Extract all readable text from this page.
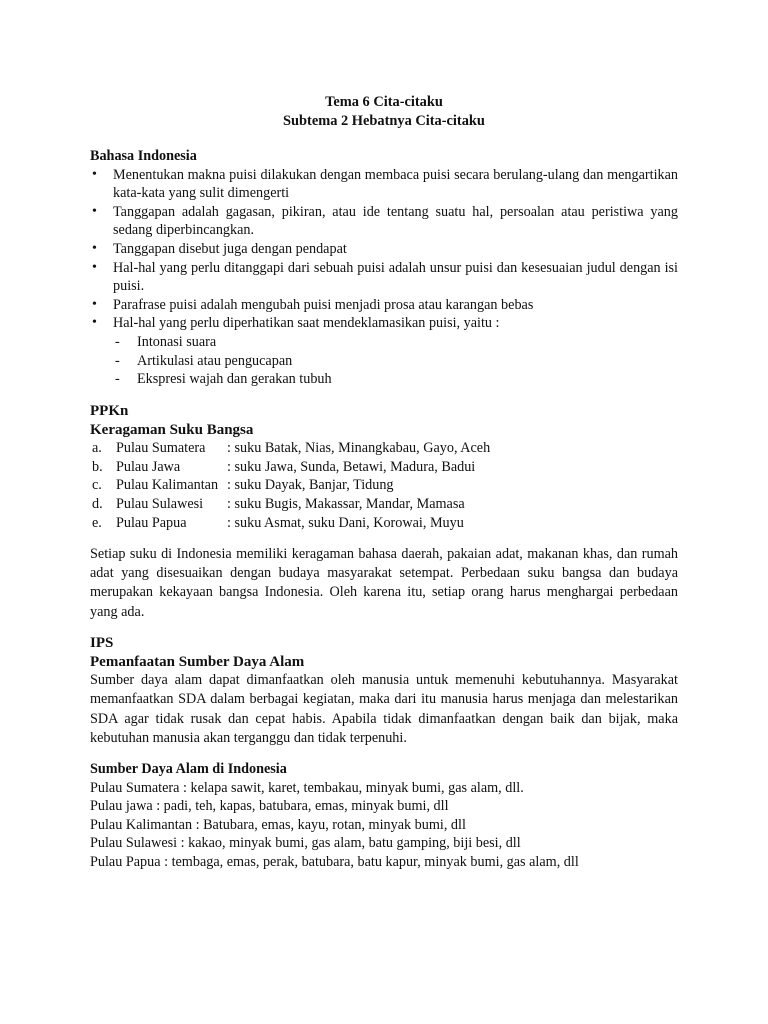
Tema 6 Cita-citaku
Subtema 2 Hebatnya Cita-citaku
Bahasa Indonesia
• Menentukan makna puisi dilakukan dengan membaca puisi secara berulang-ulang dan mengartikan kata-kata yang sulit dimengerti
• Tanggapan adalah gagasan, pikiran, atau ide tentang suatu hal, persoalan atau peristiwa yang sedang diperbincangkan.
• Tanggapan disebut juga dengan pendapat
• Hal-hal yang perlu ditanggapi dari sebuah puisi adalah unsur puisi dan kesesuaian judul dengan isi puisi.
• Parafrase puisi adalah mengubah puisi menjadi prosa atau karangan bebas
• Hal-hal yang perlu diperhatikan saat mendeklamasikan puisi, yaitu :
- Intonasi suara
- Artikulasi atau pengucapan
- Ekspresi wajah dan gerakan tubuh
PPKn
Keragaman Suku Bangsa
a. Pulau Sumatera	: suku Batak, Nias, Minangkabau, Gayo, Aceh
b. Pulau Jawa	: suku Jawa, Sunda, Betawi, Madura, Badui
c. Pulau Kalimantan : suku Dayak, Banjar, Tidung
d. Pulau Sulawesi	: suku Bugis, Makassar, Mandar, Mamasa
e. Pulau Papua	: suku Asmat, suku Dani, Korowai, Muyu
Setiap suku di Indonesia memiliki keragaman bahasa daerah, pakaian adat, makanan khas, dan rumah adat yang disesuaikan dengan budaya masyarakat setempat. Perbedaan suku bangsa dan budaya merupakan kekayaan bangsa Indonesia. Oleh karena itu, setiap orang harus menghargai perbedaan yang ada.
IPS
Pemanfaatan Sumber Daya Alam
Sumber daya alam dapat dimanfaatkan oleh manusia untuk memenuhi kebutuhannya. Masyarakat memanfaatkan SDA dalam berbagai kegiatan, maka dari itu manusia harus menjaga dan melestarikan SDA agar tidak rusak dan cepat habis. Apabila tidak dimanfaatkan dengan baik dan bijak, maka kebutuhan manusia akan terganggu dan tidak terpenuhi.
Sumber Daya Alam di Indonesia
Pulau Sumatera : kelapa sawit, karet, tembakau, minyak bumi, gas alam, dll.
Pulau jawa : padi, teh, kapas, batubara, emas, minyak bumi, dll
Pulau Kalimantan : Batubara, emas, kayu, rotan, minyak bumi, dll
Pulau Sulawesi : kakao, minyak bumi, gas alam, batu gamping, biji besi, dll
Pulau Papua : tembaga, emas, perak, batubara, batu kapur, minyak bumi, gas alam, dll
